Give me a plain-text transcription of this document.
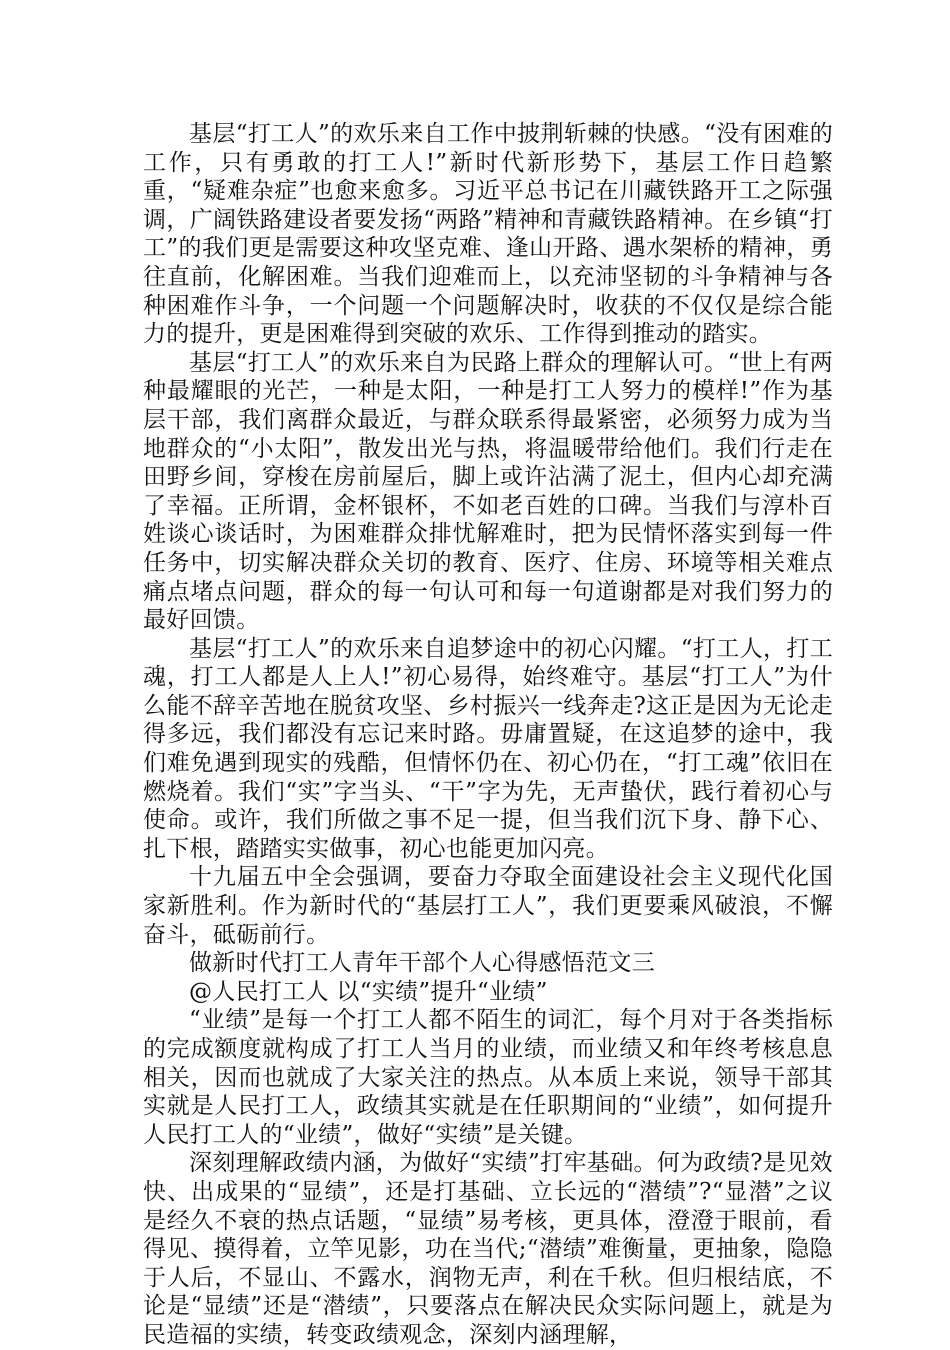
基层“打工人”的欢乐来自工作中披荆斩棘的快感。“没有困难的工作，只有勇敢的打工人!”新时代新形势下，基层工作日趋繁重，“疑难杂症”也愈来愈多。习近平总书记在川藏铁路开工之际强调，广阔铁路建设者要发扬“两路”精神和青藏铁路精神。在乡镇“打工”的我们更是需要这种攻坚克难、逢山开路、遇水架桥的精神，勇往直前，化解困难。当我们迎难而上，以充沛坚韧的斗争精神与各种困难作斗争，一个问题一个问题解决时，收获的不仅仅是综合能力的提升，更是困难得到突破的欢乐、工作得到推动的踏实。

基层“打工人”的欢乐来自为民路上群众的理解认可。“世上有两种最耀眼的光芒，一种是太阳，一种是打工人努力的模样!”作为基层干部，我们离群众最近，与群众联系得最紧密，必须努力成为当地群众的“小太阳”，散发出光与热，将温暖带给他们。我们行走在田野乡间，穿梭在房前屋后，脚上或许沾满了泥土，但内心却充满了幸福。正所谓，金杯银杯，不如老百姓的口碑。当我们与淳朴百姓谈心谈话时，为困难群众排忧解难时，把为民情怀落实到每一件任务中，切实解决群众关切的教育、医疗、住房、环境等相关难点痛点堵点问题，群众的每一句认可和每一句道谢都是对我们努力的最好回馈。

基层“打工人”的欢乐来自追梦途中的初心闪耀。“打工人，打工魂，打工人都是人上人!”初心易得，始终难守。基层“打工人”为什么能不辞辛苦地在脱贫攻坚、乡村振兴一线奔走?这正是因为无论走得多远，我们都没有忘记来时路。毋庸置疑，在这追梦的途中，我们难免遇到现实的残酷，但情怀仍在、初心仍在，“打工魂”依旧在燃烧着。我们“实”字当头、“干”字为先，无声蛰伏，践行着初心与使命。或许，我们所做之事不足一提，但当我们沉下身、静下心、扎下根，踏踏实实做事，初心也能更加闪亮。

十九届五中全会强调，要奋力夺取全面建设社会主义现代化国家新胜利。作为新时代的“基层打工人”，我们更要乘风破浪，不懈奋斗，砥砺前行。

做新时代打工人青年干部个人心得感悟范文三

@人民打工人 以“实绩”提升“业绩”

“业绩”是每一个打工人都不陌生的词汇，每个月对于各类指标的完成额度就构成了打工人当月的业绩，而业绩又和年终考核息息相关，因而也就成了大家关注的热点。从本质上来说，领导干部其实就是人民打工人，政绩其实就是在任职期间的“业绩”，如何提升人民打工人的“业绩”，做好“实绩”是关键。

深刻理解政绩内涵，为做好“实绩”打牢基础。何为政绩?是见效快、出成果的“显绩”，还是打基础、立长远的“潜绩”?“显潜”之议是经久不衰的热点话题，“显绩”易考核，更具体，澄澄于眼前，看得见、摸得着，立竿见影，功在当代;“潜绩”难衡量，更抽象，隐隐于人后，不显山、不露水，润物无声，利在千秋。但归根结底，不论是“显绩”还是“潜绩”，只要落点在解决民众实际问题上，就是为民造福的实绩，转变政绩观念，深刻内涵理解，
